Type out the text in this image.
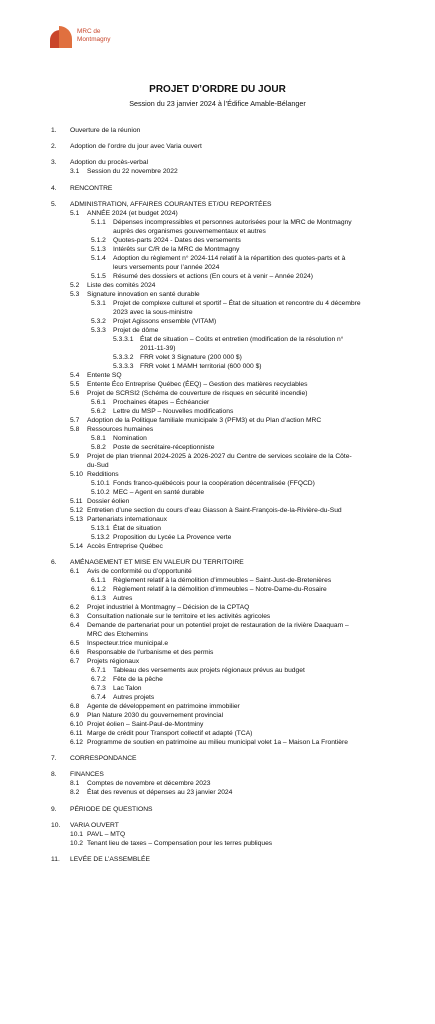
MRC de
Montmagny
PROJET D’ORDRE DU JOUR
Session du 23 janvier 2024 à l’Édifice Amable-Bélanger
1. Ouverture de la réunion
2. Adoption de l’ordre du jour avec Varia ouvert
3. Adoption du procès-verbal
3.1 Session du 22 novembre 2022
4. RENCONTRE
5. ADMINISTRATION, AFFAIRES COURANTES ET/OU REPORTÉES
5.1 ANNÉE 2024 (et budget 2024)
5.1.1 Dépenses incompressibles et personnes autorisées pour la MRC de Montmagny auprès des organismes gouvernementaux et autres
5.1.2 Quotes-parts 2024 - Dates des versements
5.1.3 Intérêts sur C/R de la MRC de Montmagny
5.1.4 Adoption du règlement n° 2024-114 relatif à la répartition des quotes-parts et à leurs versements pour l’année 2024
5.1.5 Résumé des dossiers et actions (En cours et à venir – Année 2024)
5.2 Liste des comités 2024
5.3 Signature innovation en santé durable
5.3.1 Projet de complexe culturel et sportif – État de situation et rencontre du 4 décembre 2023 avec la sous-ministre
5.3.2 Projet Agissons ensemble (VITAM)
5.3.3 Projet de dôme
5.3.3.1 État de situation – Coûts et entretien (modification de la résolution n° 2011-11-39)
5.3.3.2 FRR volet 3 Signature (200 000 $)
5.3.3.3 FRR volet 1 MAMH territorial (600 000 $)
5.4 Entente SQ
5.5 Entente Éco Entreprise Québec (ÉEQ) – Gestion des matières recyclables
5.6 Projet de SCRSI2 (Schéma de couverture de risques en sécurité incendie)
5.6.1 Prochaines étapes – Échéancier
5.6.2 Lettre du MSP – Nouvelles modifications
5.7 Adoption de la Politique familiale municipale 3 (PFM3) et du Plan d’action MRC
5.8 Ressources humaines
5.8.1 Nomination
5.8.2 Poste de secrétaire-réceptionniste
5.9 Projet de plan triennal 2024-2025 à 2026-2027 du Centre de services scolaire de la Côte-du-Sud
5.10 Redditions
5.10.1 Fonds franco-québécois pour la coopération décentralisée (FFQCD)
5.10.2 MEC – Agent en santé durable
5.11 Dossier éolien
5.12 Entretien d’une section du cours d’eau Giasson à Saint-François-de-la-Rivière-du-Sud
5.13 Partenariats internationaux
5.13.1 État de situation
5.13.2 Proposition du Lycée La Provence verte
5.14 Accès Entreprise Québec
6. AMÉNAGEMENT ET MISE EN VALEUR DU TERRITOIRE
6.1 Avis de conformité ou d’opportunité
6.1.1 Règlement relatif à la démolition d’immeubles – Saint-Just-de-Bretenières
6.1.2 Règlement relatif à la démolition d’immeubles – Notre-Dame-du-Rosaire
6.1.3 Autres
6.2 Projet industriel à Montmagny – Décision de la CPTAQ
6.3 Consultation nationale sur le territoire et les activités agricoles
6.4 Demande de partenariat pour un potentiel projet de restauration de la rivière Daaquam – MRC des Etchemins
6.5 Inspecteur.trice municipal.e
6.6 Responsable de l’urbanisme et des permis
6.7 Projets régionaux
6.7.1 Tableau des versements aux projets régionaux prévus au budget
6.7.2 Fête de la pêche
6.7.3 Lac Talon
6.7.4 Autres projets
6.8 Agente de développement en patrimoine immobilier
6.9 Plan Nature 2030 du gouvernement provincial
6.10 Projet éolien – Saint-Paul-de-Montminy
6.11 Marge de crédit pour Transport collectif et adapté (TCA)
6.12 Programme de soutien en patrimoine au milieu municipal volet 1a – Maison La Frontière
7. CORRESPONDANCE
8. FINANCES
8.1 Comptes de novembre et décembre 2023
8.2 État des revenus et dépenses au 23 janvier 2024
9. PÉRIODE DE QUESTIONS
10. VARIA OUVERT
10.1 PAVL – MTQ
10.2 Tenant lieu de taxes – Compensation pour les terres publiques
11. LEVÉE DE L’ASSEMBLÉE
